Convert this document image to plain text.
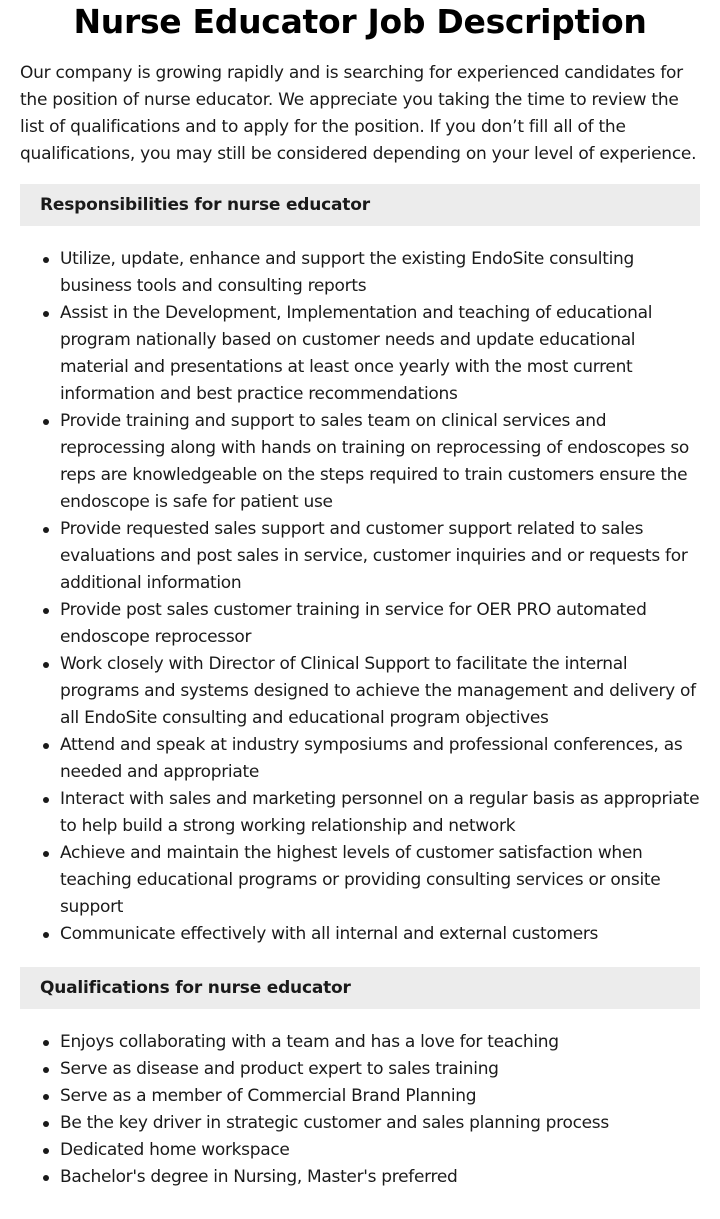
Nurse Educator Job Description

Our company is growing rapidly and is searching for experienced candidates for the position of nurse educator. We appreciate you taking the time to review the list of qualifications and to apply for the position. If you don’t fill all of the qualifications, you may still be considered depending on your level of experience.

Responsibilities for nurse educator
Utilize, update, enhance and support the existing EndoSite consulting business tools and consulting reports
Assist in the Development, Implementation and teaching of educational program nationally based on customer needs and update educational material and presentations at least once yearly with the most current information and best practice recommendations
Provide training and support to sales team on clinical services and reprocessing along with hands on training on reprocessing of endoscopes so reps are knowledgeable on the steps required to train customers ensure the endoscope is safe for patient use
Provide requested sales support and customer support related to sales evaluations and post sales in service, customer inquiries and or requests for additional information
Provide post sales customer training in service for OER PRO automated endoscope reprocessor
Work closely with Director of Clinical Support to facilitate the internal programs and systems designed to achieve the management and delivery of all EndoSite consulting and educational program objectives
Attend and speak at industry symposiums and professional conferences, as needed and appropriate
Interact with sales and marketing personnel on a regular basis as appropriate to help build a strong working relationship and network
Achieve and maintain the highest levels of customer satisfaction when teaching educational programs or providing consulting services or onsite support
Communicate effectively with all internal and external customers
Qualifications for nurse educator
Enjoys collaborating with a team and has a love for teaching
Serve as disease and product expert to sales training
Serve as a member of Commercial Brand Planning
Be the key driver in strategic customer and sales planning process
Dedicated home workspace
Bachelor's degree in Nursing, Master's preferred
